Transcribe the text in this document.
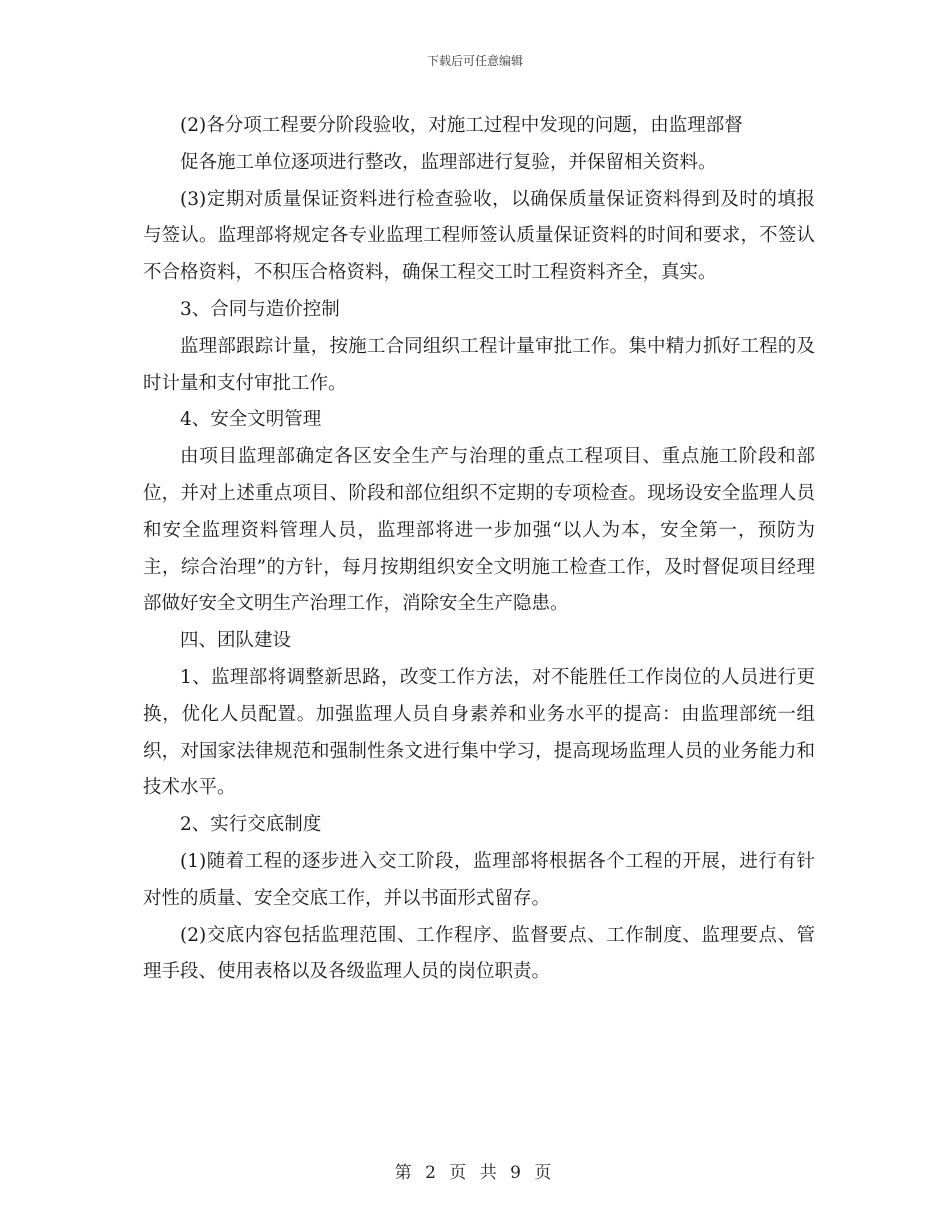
下载后可任意编辑

(2)各分项工程要分阶段验收，对施工过程中发现的问题，由监理部督

促各施工单位逐项进行整改，监理部进行复验，并保留相关资料。

(3)定期对质量保证资料进行检查验收，以确保质量保证资料得到及时的填报与签认。监理部将规定各专业监理工程师签认质量保证资料的时间和要求，不签认不合格资料，不积压合格资料，确保工程交工时工程资料齐全，真实。

3、合同与造价控制

监理部跟踪计量，按施工合同组织工程计量审批工作。集中精力抓好工程的及时计量和支付审批工作。

4、安全文明管理

由项目监理部确定各区安全生产与治理的重点工程项目、重点施工阶段和部位，并对上述重点项目、阶段和部位组织不定期的专项检查。现场设安全监理人员和安全监理资料管理人员，监理部将进一步加强“以人为本，安全第一，预防为主，综合治理”的方针，每月按期组织安全文明施工检查工作，及时督促项目经理部做好安全文明生产治理工作，消除安全生产隐患。

四、团队建设

1、监理部将调整新思路，改变工作方法，对不能胜任工作岗位的人员进行更换，优化人员配置。加强监理人员自身素养和业务水平的提高：由监理部统一组织，对国家法律规范和强制性条文进行集中学习，提高现场监理人员的业务能力和技术水平。

2、实行交底制度

(1)随着工程的逐步进入交工阶段，监理部将根据各个工程的开展，进行有针对性的质量、安全交底工作，并以书面形式留存。

(2)交底内容包括监理范围、工作程序、监督要点、工作制度、监理要点、管理手段、使用表格以及各级监理人员的岗位职责。

第 2 页 共 9 页
